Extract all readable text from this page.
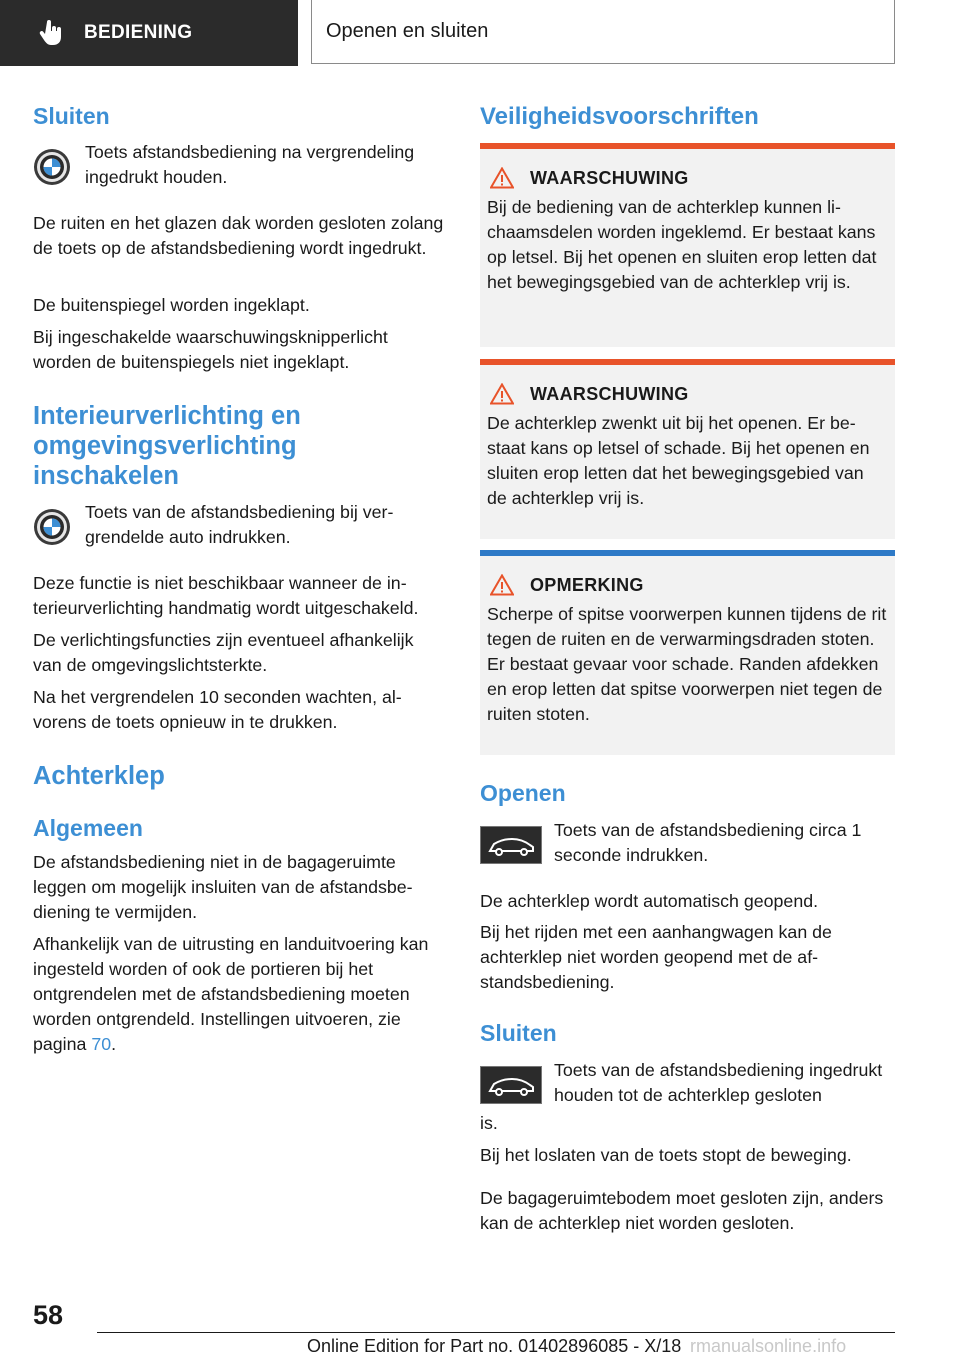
BEDIENING	Openen en sluiten
Sluiten

Toets afstandsbediening na vergrendeling ingedrukt houden.

De ruiten en het glazen dak worden gesloten zolang de toets op de afstandsbediening wordt ingedrukt.

De buitenspiegel worden ingeklapt.

Bij ingeschakelde waarschuwingsknipperlicht worden de buitenspiegels niet ingeklapt.

Interieurverlichting en omgevingsverlichting inschakelen

Toets van de afstandsbediening bij vergrendelde auto indrukken.

Deze functie is niet beschikbaar wanneer de interieurverlichting handmatig wordt uitgeschakeld.

De verlichtingsfuncties zijn eventueel afhankelijk van de omgevingslichtsterkte.

Na het vergrendelen 10 seconden wachten, alvorens de toets opnieuw in te drukken.

Achterklep
Algemeen

De afstandsbediening niet in de bagageruimte leggen om mogelijk insluiten van de afstandsbediening te vermijden.

Afhankelijk van de uitrusting en landuitvoering kan ingesteld worden of ook de portieren bij het ontgrendelen met de afstandsbediening moeten worden ontgrendeld. Instellingen uitvoeren, zie pagina 70.

Veiligheidsvoorschriften
WAARSCHUWING
Bij de bediening van de achterklep kunnen lichaamsdelen worden ingeklemd. Er bestaat kans op letsel. Bij het openen en sluiten erop letten dat het bewegingsgebied van de achterklep vrij is.
WAARSCHUWING
De achterklep zwenkt uit bij het openen. Er bestaat kans op letsel of schade. Bij het openen en sluiten erop letten dat het bewegingsgebied van de achterklep vrij is.
OPMERKING
Scherpe of spitse voorwerpen kunnen tijdens de rit tegen de ruiten en de verwarmingsdraden stoten. Er bestaat gevaar voor schade. Randen afdekken en erop letten dat spitse voorwerpen niet tegen de ruiten stoten.
Openen

Toets van de afstandsbediening circa 1 seconde indrukken.

De achterklep wordt automatisch geopend.

Bij het rijden met een aanhangwagen kan de achterklep niet worden geopend met de afstandsbediening.

Sluiten

Toets van de afstandsbediening ingedrukt houden tot de achterklep gesloten

is.

Bij het loslaten van de toets stopt de beweging.

De bagageruimtebodem moet gesloten zijn, anders kan de achterklep niet worden gesloten.

58
Online Edition for Part no. 01402896085 - X/18 rmanualsonline.info
